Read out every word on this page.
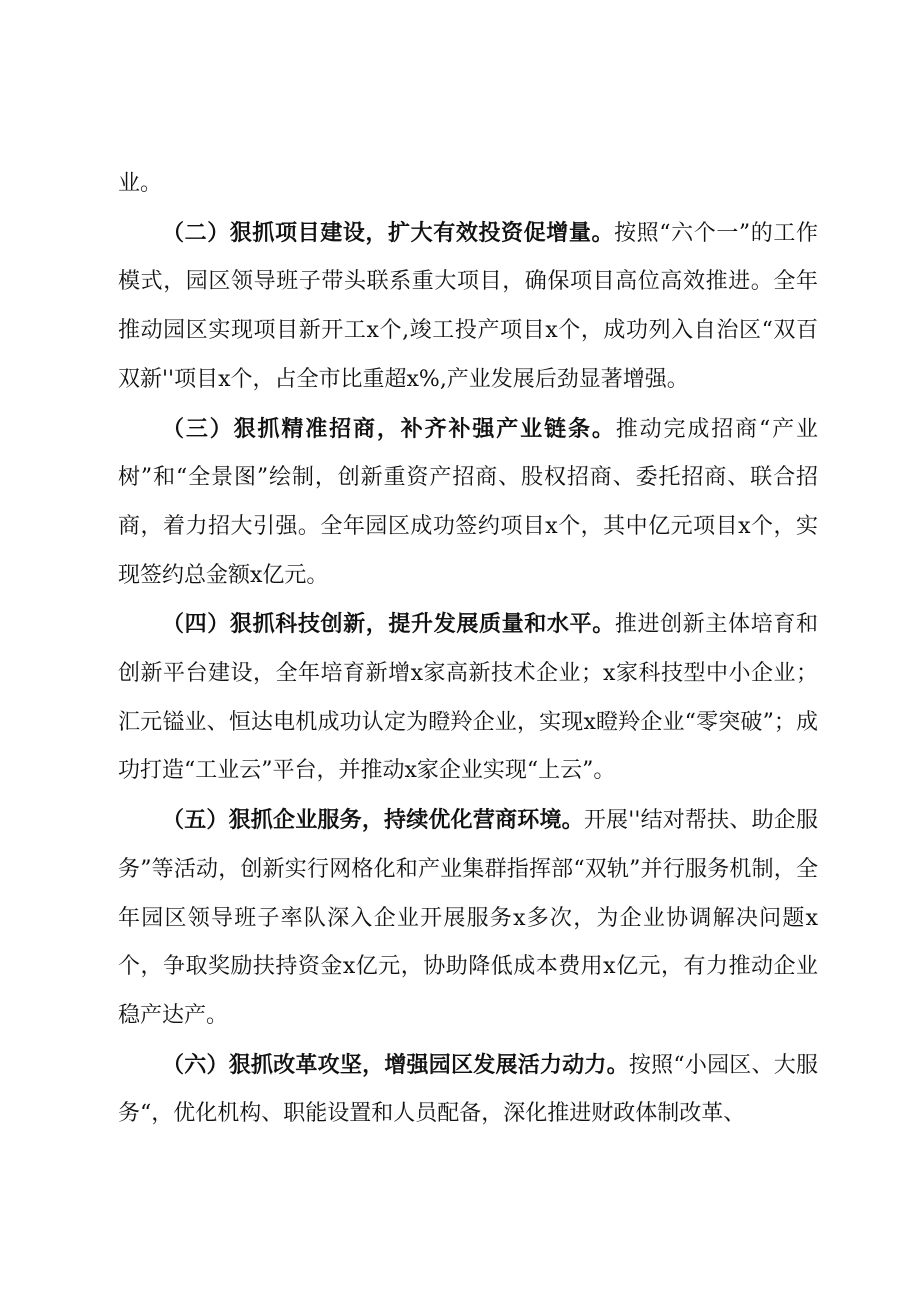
业。

（二）狠抓项目建设，扩大有效投资促增量。按照“六个一”的工作模式，园区领导班子带头联系重大项目，确保项目高位高效推进。全年推动园区实现项目新开工x个,竣工投产项目x个，成功列入自治区“双百双新''项目x个，占全市比重超x%,产业发展后劲显著增强。

（三）狠抓精准招商，补齐补强产业链条。推动完成招商“产业树”和“全景图”绘制，创新重资产招商、股权招商、委托招商、联合招商，着力招大引强。全年园区成功签约项目x个，其中亿元项目x个，实现签约总金额x亿元。

（四）狠抓科技创新，提升发展质量和水平。推进创新主体培育和创新平台建设，全年培育新增x家高新技术企业；x家科技型中小企业；汇元镒业、恒达电机成功认定为瞪羚企业，实现x瞪羚企业“零突破”；成功打造“工业云”平台，并推动x家企业实现“上云”。

（五）狠抓企业服务，持续优化营商环境。开展''结对帮扶、助企服务”等活动，创新实行网格化和产业集群指挥部“双轨”并行服务机制，全年园区领导班子率队深入企业开展服务x多次，为企业协调解决问题x个，争取奖励扶持资金x亿元，协助降低成本费用x亿元，有力推动企业稳产达产。

（六）狠抓改革攻坚，增强园区发展活力动力。按照“小园区、大服务“，优化机构、职能设置和人员配备，深化推进财政体制改革、
